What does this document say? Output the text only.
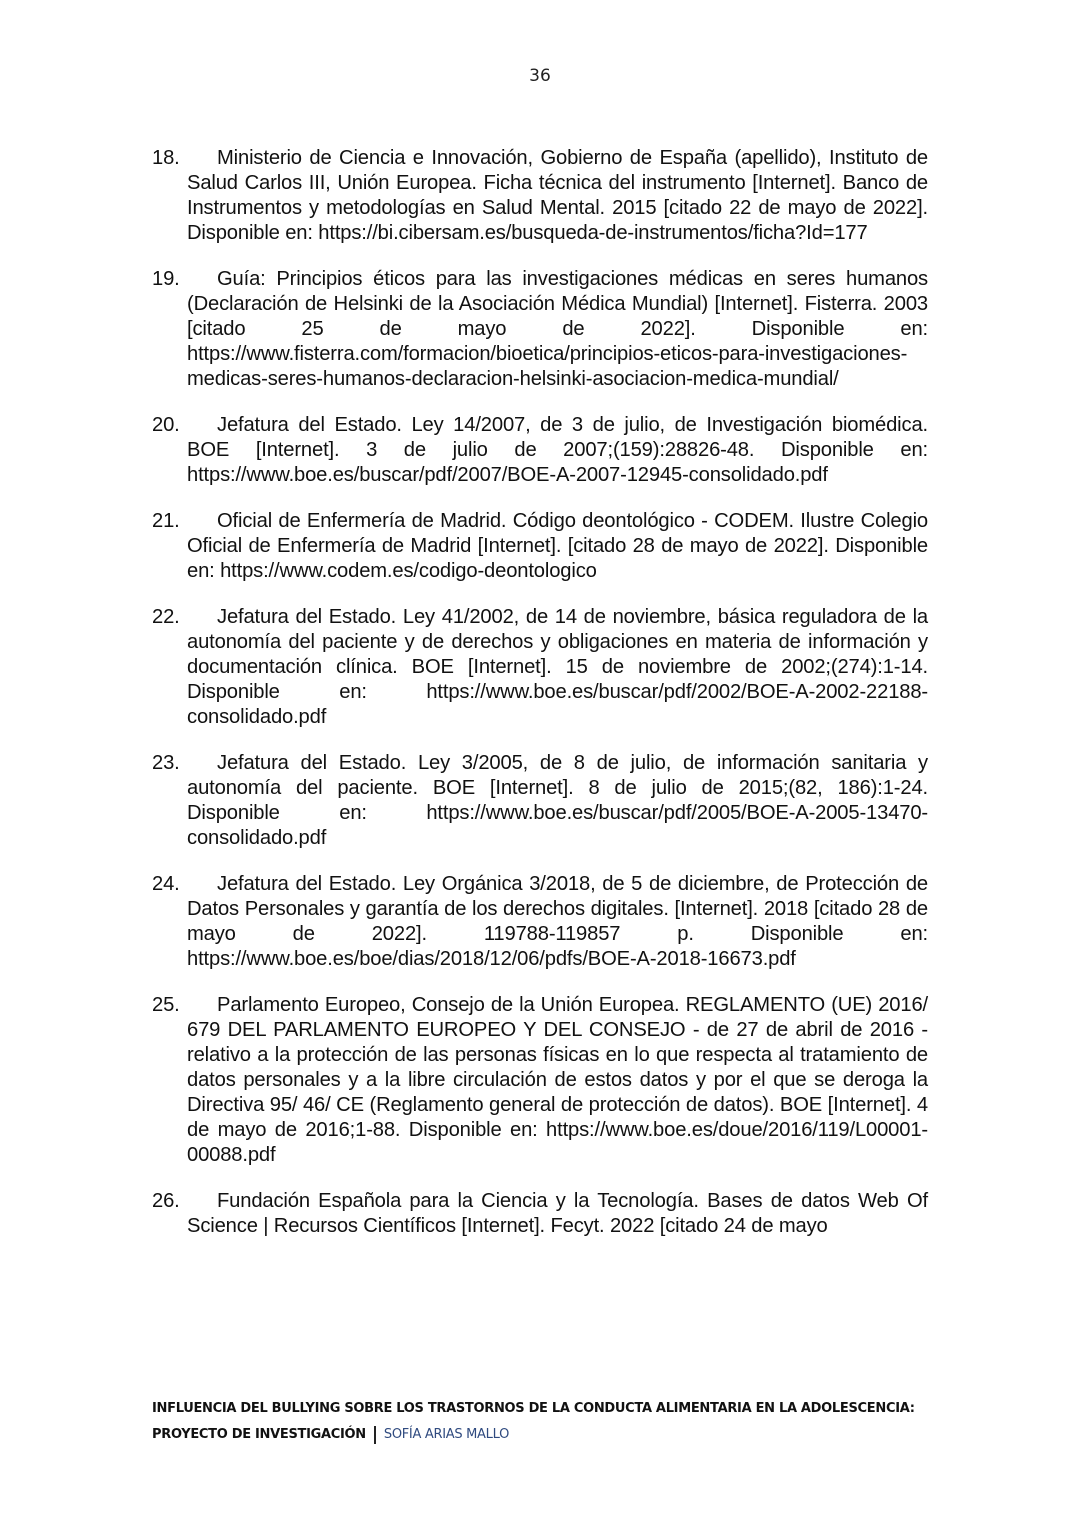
36
18.	Ministerio de Ciencia e Innovación, Gobierno de España (apellido), Instituto de Salud Carlos III, Unión Europea. Ficha técnica del instrumento [Internet]. Banco de Instrumentos y metodologías en Salud Mental. 2015 [citado 22 de mayo de 2022]. Disponible en: https://bi.cibersam.es/busqueda-de-instrumentos/ficha?Id=177
19.	Guía: Principios éticos para las investigaciones médicas en seres humanos (Declaración de Helsinki de la Asociación Médica Mundial) [Internet]. Fisterra. 2003 [citado 25 de mayo de 2022]. Disponible en: https://www.fisterra.com/formacion/bioetica/principios-eticos-para-investigaciones-medicas-seres-humanos-declaracion-helsinki-asociacion-medica-mundial/
20.	Jefatura del Estado. Ley 14/2007, de 3 de julio, de Investigación biomédica. BOE [Internet]. 3 de julio de 2007;(159):28826-48. Disponible en: https://www.boe.es/buscar/pdf/2007/BOE-A-2007-12945-consolidado.pdf
21.	Oficial de Enfermería de Madrid. Código deontológico - CODEM. Ilustre Colegio Oficial de Enfermería de Madrid [Internet]. [citado 28 de mayo de 2022]. Disponible en: https://www.codem.es/codigo-deontologico
22.	Jefatura del Estado. Ley 41/2002, de 14 de noviembre, básica reguladora de la autonomía del paciente y de derechos y obligaciones en materia de información y documentación clínica. BOE [Internet]. 15 de noviembre de 2002;(274):1-14. Disponible en: https://www.boe.es/buscar/pdf/2002/BOE-A-2002-22188-consolidado.pdf
23.	Jefatura del Estado. Ley 3/2005, de 8 de julio, de información sanitaria y autonomía del paciente. BOE [Internet]. 8 de julio de 2015;(82, 186):1-24. Disponible en: https://www.boe.es/buscar/pdf/2005/BOE-A-2005-13470-consolidado.pdf
24.	Jefatura del Estado. Ley Orgánica 3/2018, de 5 de diciembre, de Protección de Datos Personales y garantía de los derechos digitales. [Internet]. 2018 [citado 28 de mayo de 2022]. 119788-119857 p. Disponible en: https://www.boe.es/boe/dias/2018/12/06/pdfs/BOE-A-2018-16673.pdf
25.	Parlamento Europeo, Consejo de la Unión Europea. REGLAMENTO (UE) 2016/ 679 DEL PARLAMENTO EUROPEO Y DEL CONSEJO - de 27 de abril de 2016 - relativo a la protección de las personas físicas en lo que respecta al tratamiento de datos personales y a la libre circulación de estos datos y por el que se deroga la Directiva 95/ 46/ CE (Reglamento general de protección de datos). BOE [Internet]. 4 de mayo de 2016;1-88. Disponible en: https://www.boe.es/doue/2016/119/L00001-00088.pdf
26.	Fundación Española para la Ciencia y la Tecnología. Bases de datos Web Of Science | Recursos Científicos [Internet]. Fecyt. 2022 [citado 24 de mayo
INFLUENCIA DEL BULLYING SOBRE LOS TRASTORNOS DE LA CONDUCTA ALIMENTARIA EN LA ADOLESCENCIA:
PROYECTO DE INVESTIGACIÓN SOFÍA ARIAS MALLO
